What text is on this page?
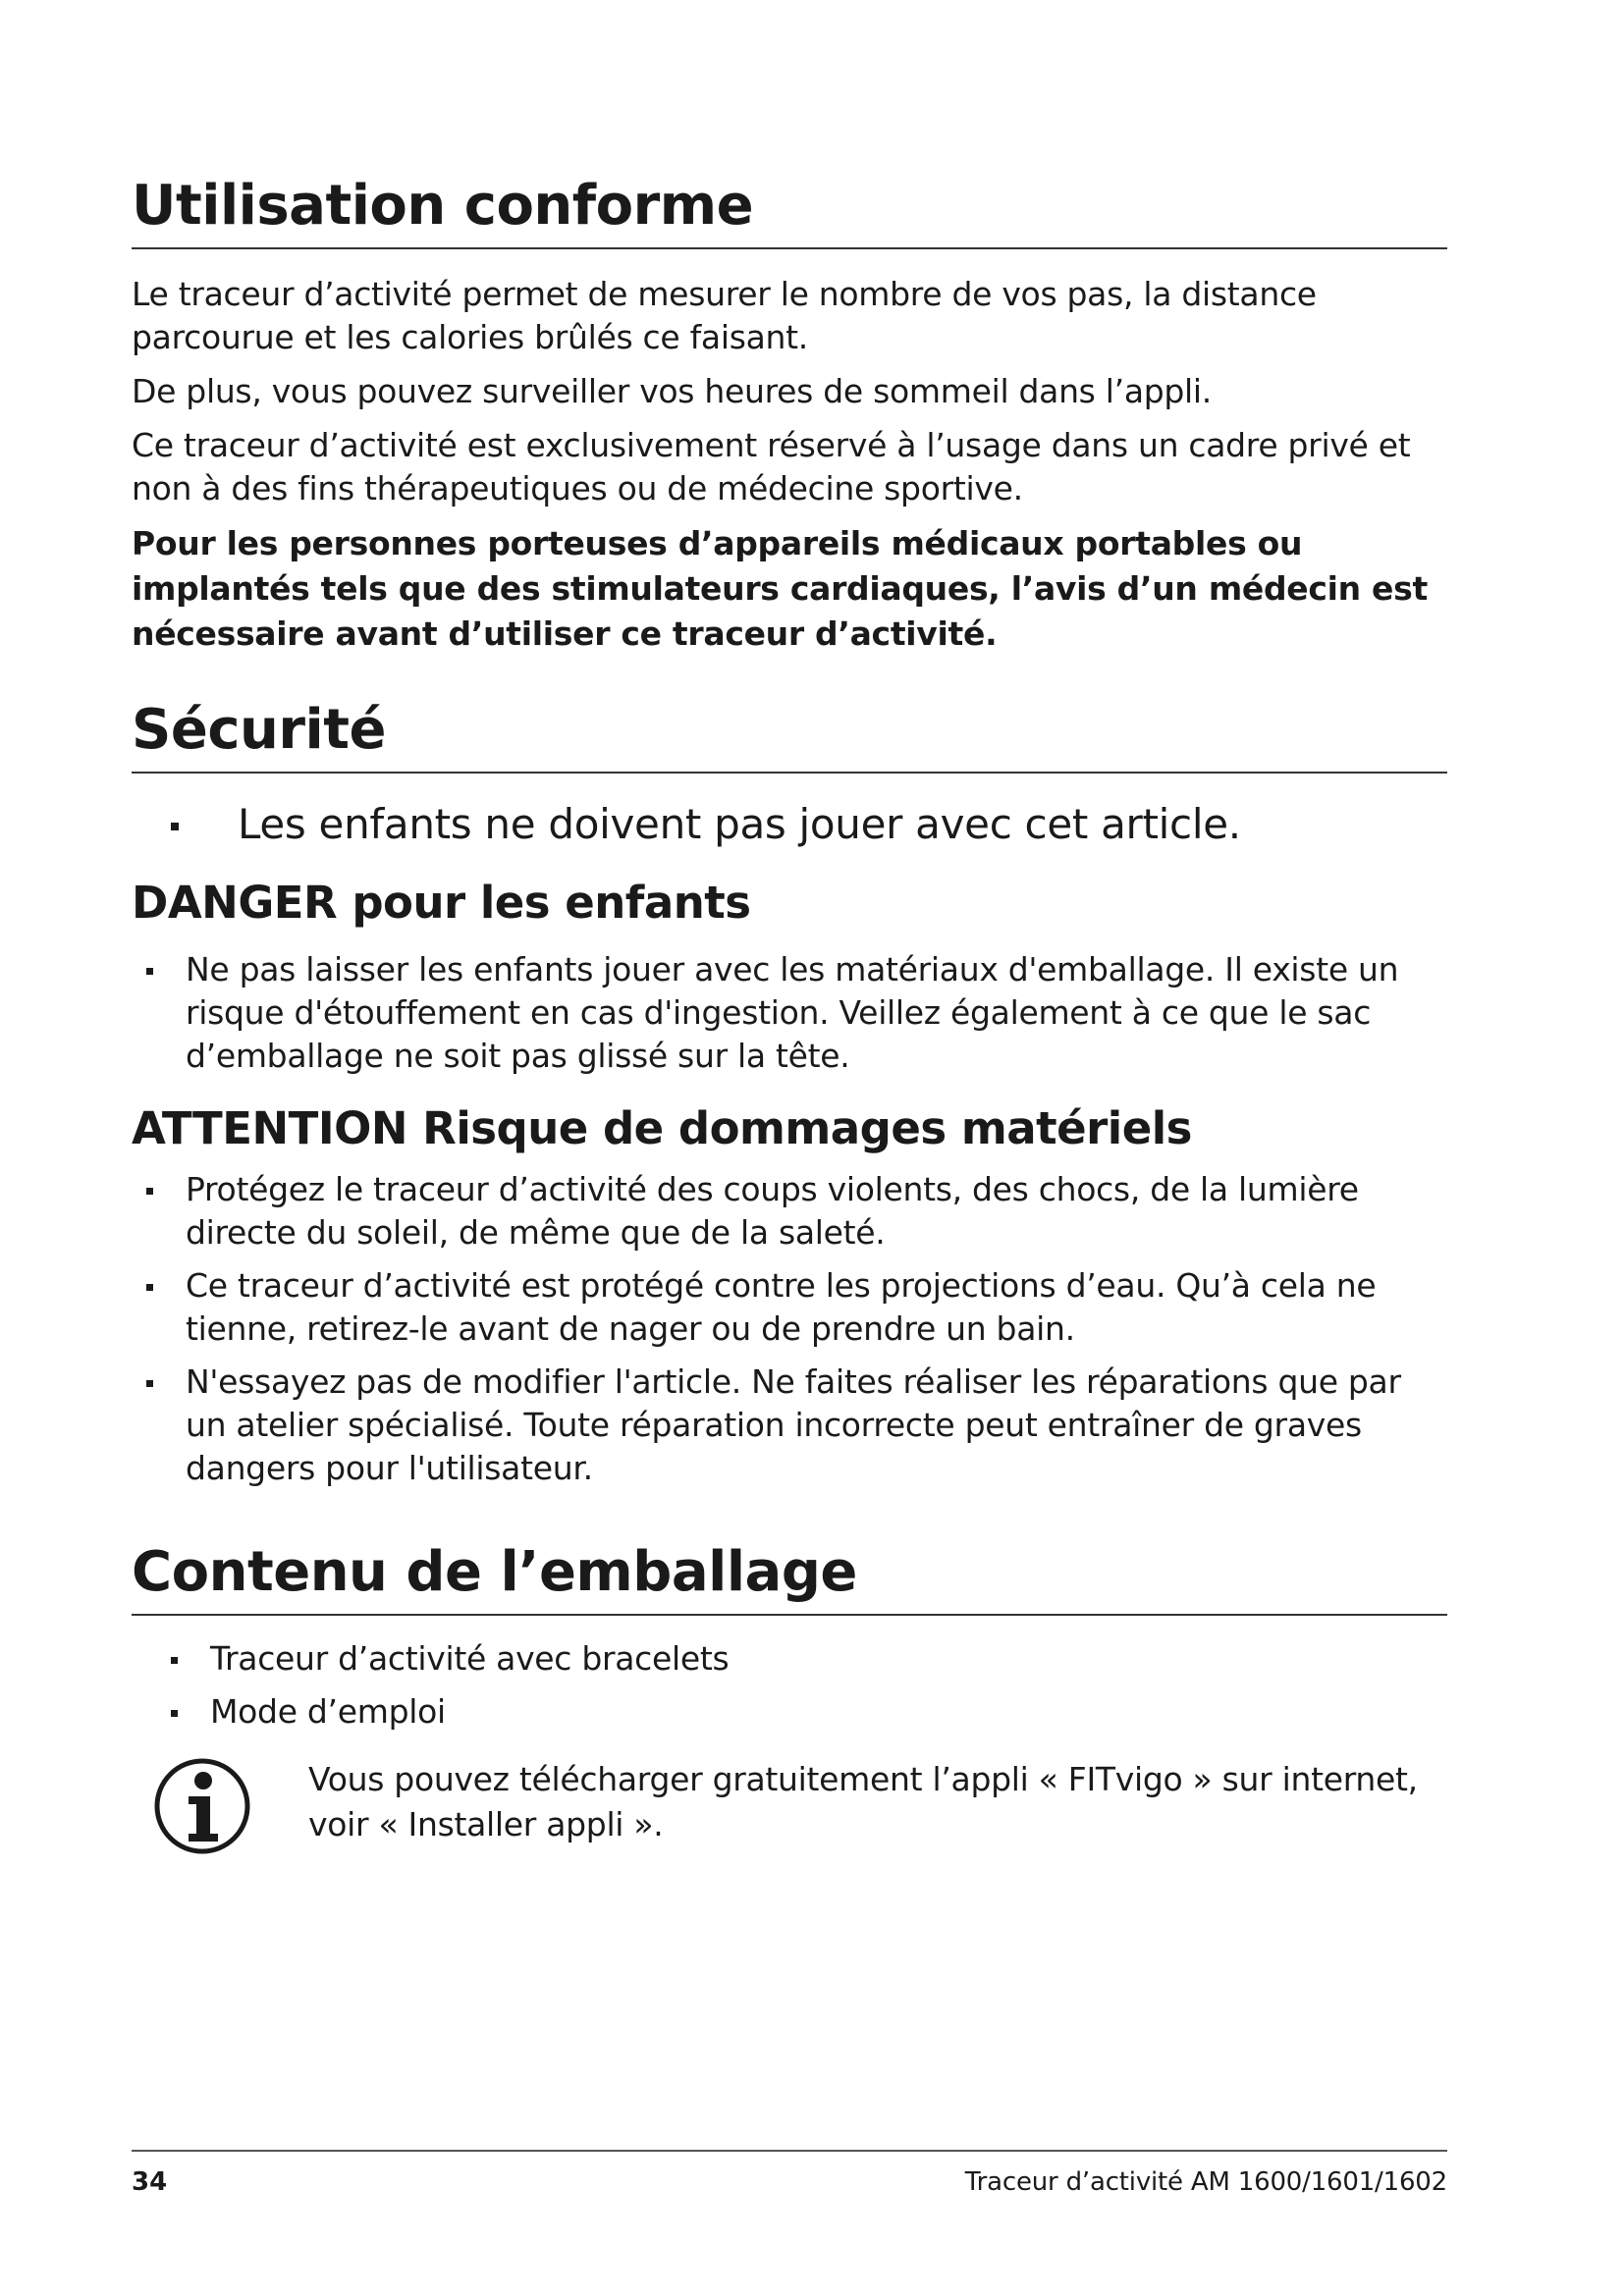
Utilisation conforme

Le traceur d’activité permet de mesurer le nombre de vos pas, la distance parcourue et les calories brûlés ce faisant.

De plus, vous pouvez surveiller vos heures de sommeil dans l’appli.

Ce traceur d’activité est exclusivement réservé à l’usage dans un cadre privé et non à des fins thérapeutiques ou de médecine sportive.

Pour les personnes porteuses d’appareils médicaux portables ou implantés tels que des stimulateurs cardiaques, l’avis d’un médecin est nécessaire avant d’utiliser ce traceur d’activité.

Sécurité
Les enfants ne doivent pas jouer avec cet article.
DANGER pour les enfants
Ne pas laisser les enfants jouer avec les matériaux d'emballage. Il existe un risque d'étouffement en cas d'ingestion. Veillez également à ce que le sac d’emballage ne soit pas glissé sur la tête.
ATTENTION Risque de dommages matériels
Protégez le traceur d’activité des coups violents, des chocs, de la lumière directe du soleil, de même que de la saleté.
Ce traceur d’activité est protégé contre les projections d’eau. Qu’à cela ne tienne, retirez-le avant de nager ou de prendre un bain.
N'essayez pas de modifier l'article. Ne faites réaliser les réparations que par un atelier spécialisé. Toute réparation incorrecte peut entraîner de graves dangers pour l'utilisateur.
Contenu de l’emballage
Traceur d’activité avec bracelets
Mode d’emploi

Vous pouvez télécharger gratuitement l’appli « FITvigo » sur internet, voir « Installer appli ».

34	Traceur d’activité AM 1600/1601/1602
